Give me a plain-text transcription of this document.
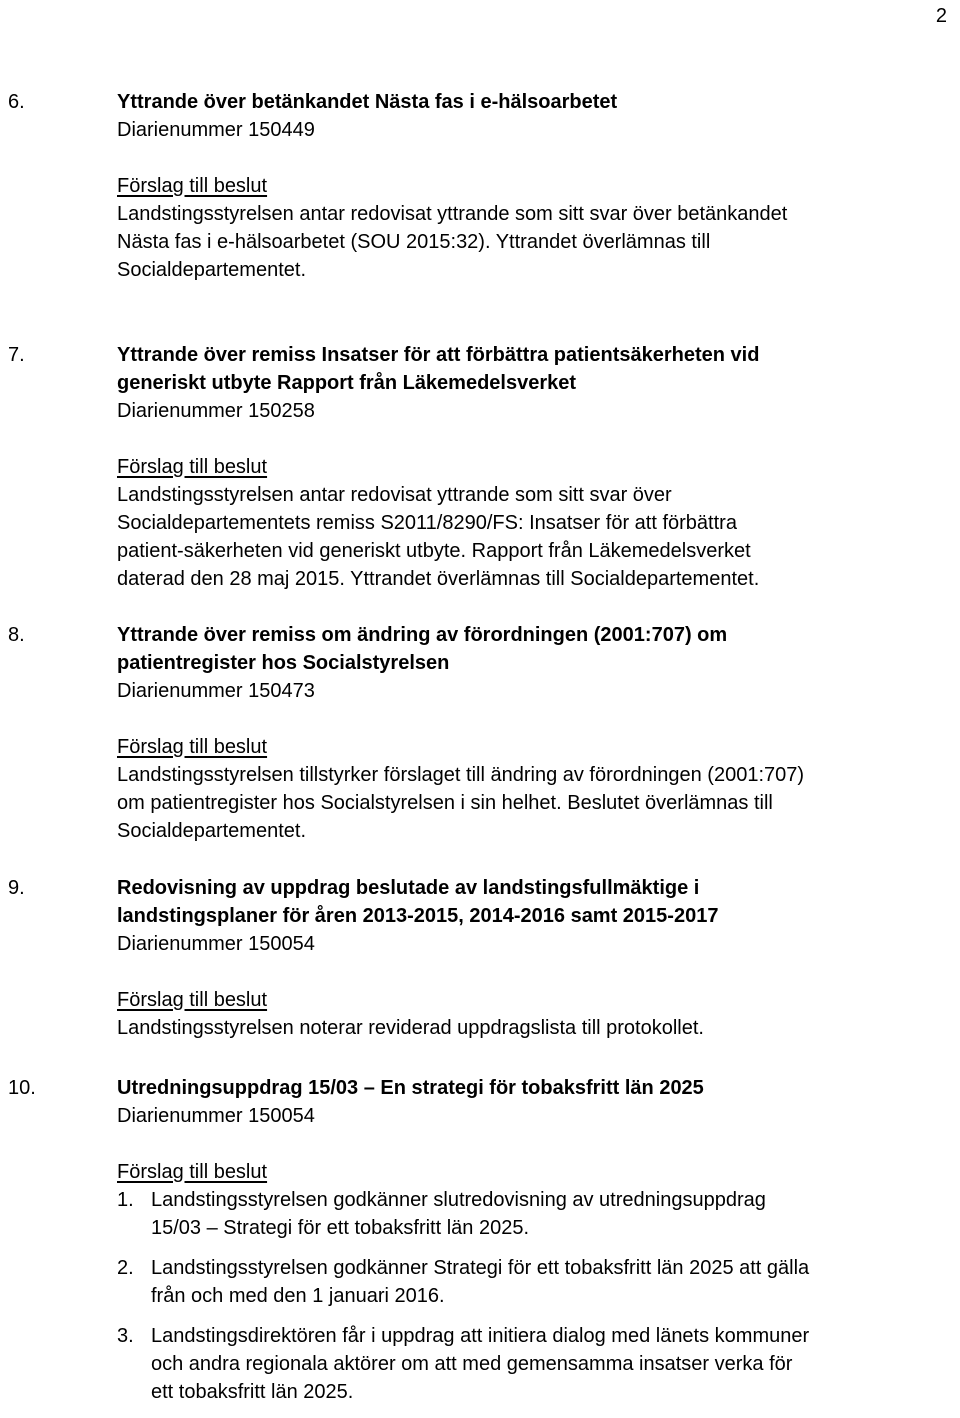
2
6.	Yttrande över betänkandet Nästa fas i e-hälsoarbetet
Diarienummer 150449
Förslag till beslut
Landstingsstyrelsen antar redovisat yttrande som sitt svar över betänkandet
Nästa fas i e-hälsoarbetet (SOU 2015:32). Yttrandet överlämnas till
Socialdepartementet.
7.	Yttrande över remiss Insatser för att förbättra patientsäkerheten vid
generiskt utbyte Rapport från Läkemedelsverket
Diarienummer 150258
Förslag till beslut
Landstingsstyrelsen antar redovisat yttrande som sitt svar över
Socialdepartementets remiss S2011/8290/FS: Insatser för att förbättra
patient-säkerheten vid generiskt utbyte. Rapport från Läkemedelsverket
daterad den 28 maj 2015. Yttrandet överlämnas till Socialdepartementet.
8.	Yttrande över remiss om ändring av förordningen (2001:707) om
patientregister hos Socialstyrelsen
Diarienummer 150473
Förslag till beslut
Landstingsstyrelsen tillstyrker förslaget till ändring av förordningen (2001:707)
om patientregister hos Socialstyrelsen i sin helhet. Beslutet överlämnas till
Socialdepartementet.
9.	Redovisning av uppdrag beslutade av landstingsfullmäktige i
landstingsplaner för åren 2013-2015, 2014-2016 samt 2015-2017
Diarienummer 150054
Förslag till beslut
Landstingsstyrelsen noterar reviderad uppdragslista till protokollet.
10.	Utredningsuppdrag 15/03 – En strategi för tobaksfritt län 2025
Diarienummer 150054
Förslag till beslut
1. Landstingsstyrelsen godkänner slutredovisning av utredningsuppdrag
15/03 – Strategi för ett tobaksfritt län 2025.
2. Landstingsstyrelsen godkänner Strategi för ett tobaksfritt län 2025 att gälla
från och med den 1 januari 2016.
3. Landstingsdirektören får i uppdrag att initiera dialog med länets kommuner
och andra regionala aktörer om att med gemensamma insatser verka för
ett tobaksfritt län 2025.
